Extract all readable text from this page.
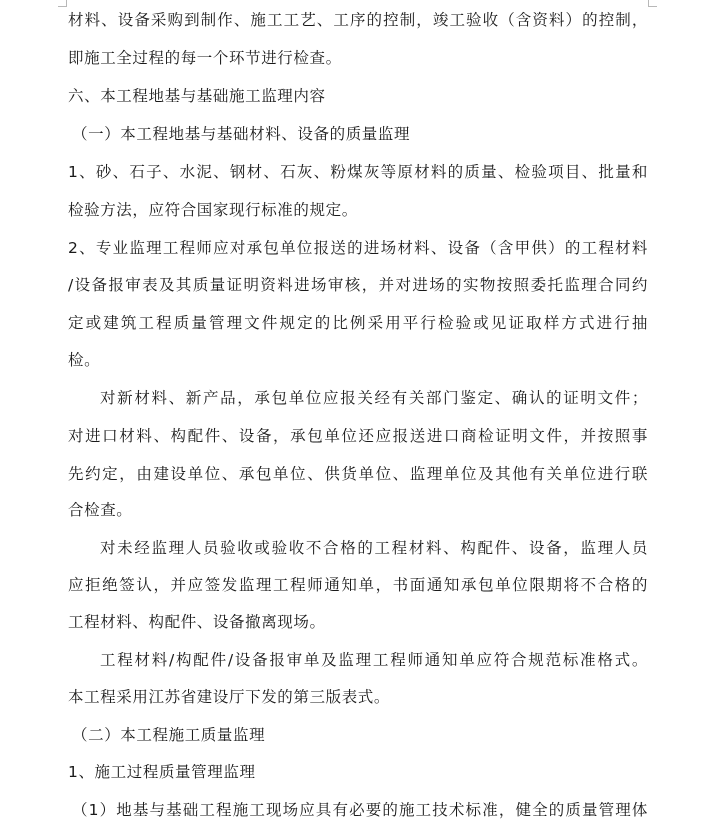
材料、设备采购到制作、施工工艺、工序的控制，竣工验收（含资料）的控制，
即施工全过程的每一个环节进行检查。
六、本工程地基与基础施工监理内容
（一）本工程地基与基础材料、设备的质量监理
1、砂、石子、水泥、钢材、石灰、粉煤灰等原材料的质量、检验项目、批量和
检验方法，应符合国家现行标准的规定。
2、专业监理工程师应对承包单位报送的进场材料、设备（含甲供）的工程材料
/设备报审表及其质量证明资料进场审核，并对进场的实物按照委托监理合同约
定或建筑工程质量管理文件规定的比例采用平行检验或见证取样方式进行抽
检。
对新材料、新产品，承包单位应报关经有关部门鉴定、确认的证明文件；
对进口材料、构配件、设备，承包单位还应报送进口商检证明文件，并按照事
先约定，由建设单位、承包单位、供货单位、监理单位及其他有关单位进行联
合检查。
对未经监理人员验收或验收不合格的工程材料、构配件、设备，监理人员
应拒绝签认，并应签发监理工程师通知单，书面通知承包单位限期将不合格的
工程材料、构配件、设备撤离现场。
工程材料/构配件/设备报审单及监理工程师通知单应符合规范标准格式。
本工程采用江苏省建设厅下发的第三版表式。
（二）本工程施工质量监理
1、施工过程质量管理监理
（1）地基与基础工程施工现场应具有必要的施工技术标准，健全的质量管理体
